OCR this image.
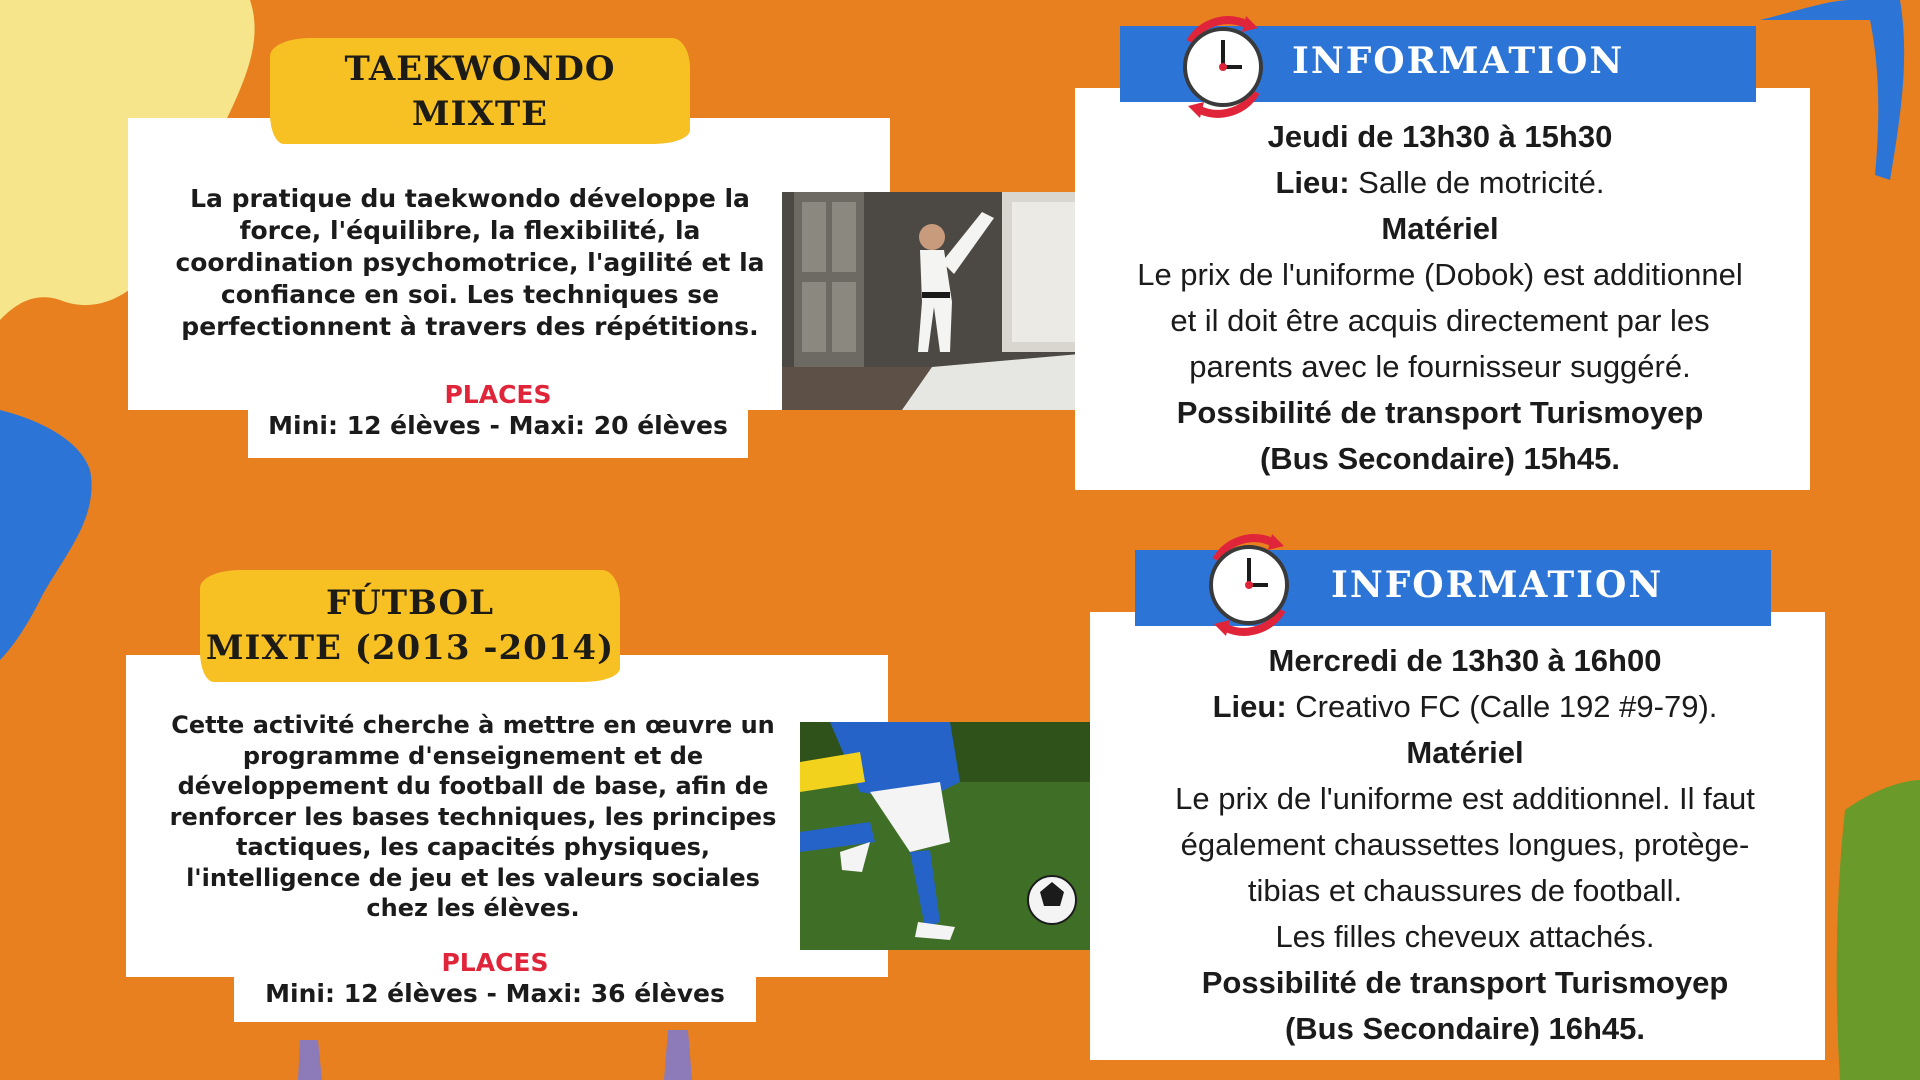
TAEKWONDO
MIXTE
La pratique du taekwondo développe la force, l'équilibre, la flexibilité, la coordination psychomotrice, l'agilité et la confiance en soi. Les techniques se perfectionnent à travers des répétitions.
PLACES
Mini: 12 élèves - Maxi: 20 élèves
INFORMATION
Jeudi de 13h30 à 15h30
Lieu: Salle de motricité.
Matériel
Le prix de l'uniforme (Dobok) est additionnel
et il doit être acquis directement par les
parents avec le fournisseur suggéré.
Possibilité de transport Turismoyep
(Bus Secondaire) 15h45.
FÚTBOL
MIXTE (2013 -2014)
Cette activité cherche à mettre en œuvre un programme d'enseignement et de développement du football de base, afin de renforcer les bases techniques, les principes tactiques, les capacités physiques, l'intelligence de jeu et les valeurs sociales chez les élèves.
PLACES
Mini: 12 élèves - Maxi: 36 élèves
INFORMATION
Mercredi de 13h30 à 16h00
Lieu: Creativo FC (Calle 192 #9-79).
Matériel
Le prix de l'uniforme est additionnel. Il faut
également chaussettes longues, protège-
tibias et chaussures de football.
Les filles cheveux attachés.
Possibilité de transport Turismoyep
(Bus Secondaire) 16h45.
